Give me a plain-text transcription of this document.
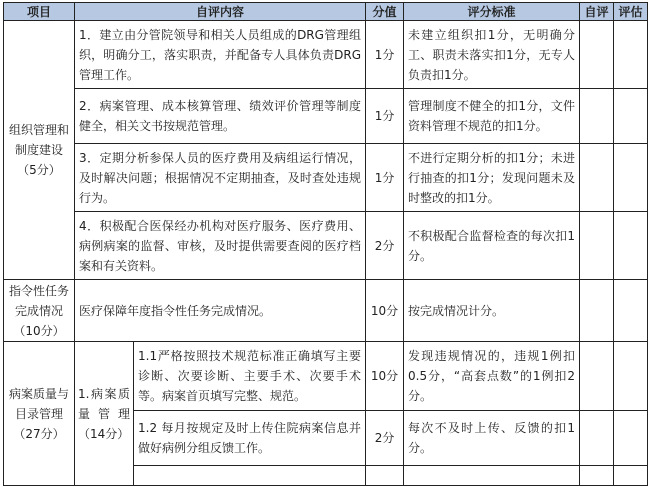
项目	自评内容		分值	评分标准	自评	评估

组织管理和
制度建设
（5分）	1．建立由分管院领导和相关人员组成的DRG管理组织，明确分工，落实职责，并配备专人具体负责DRG管理工作。		1分	未建立组织扣1分，无明确分工、职责未落实扣1分，无专人负责扣1分。		
	2．病案管理、成本核算管理、绩效评价管理等制度健全，相关文书按规范管理。		1分	管理制度不健全的扣1分，文件资料管理不规范的扣1分。		
	3．定期分析参保人员的医疗费用及病组运行情况，及时解决问题；根据情况不定期抽查，及时查处违规行为。		1分	不进行定期分析的扣1分；未进行抽查的扣1分；发现问题未及时整改的扣1分。		
	4．积极配合医保经办机构对医疗服务、医疗费用、病例病案的监督、审核，及时提供需要查阅的医疗档案和有关资料。		2分	不积极配合监督检查的每次扣1分。		

指令性任务
完成情况
（10分）	医疗保障年度指令性任务完成情况。		10分	按完成情况计分。		

病案质量与
目录管理
（27分）	1.病案质量管理（14分）	1.1严格按照技术规范标准正确填写主要诊断、次要诊断、主要手术、次要手术等。病案首页填写完整、规范。	10分	发现违规情况的，违规1例扣0.5分，“高套点数”的1例扣2分。		
		1.2 每月按规定及时上传住院病案信息并做好病例分组反馈工作。	2分	每次不及时上传、反馈的扣1分。		
